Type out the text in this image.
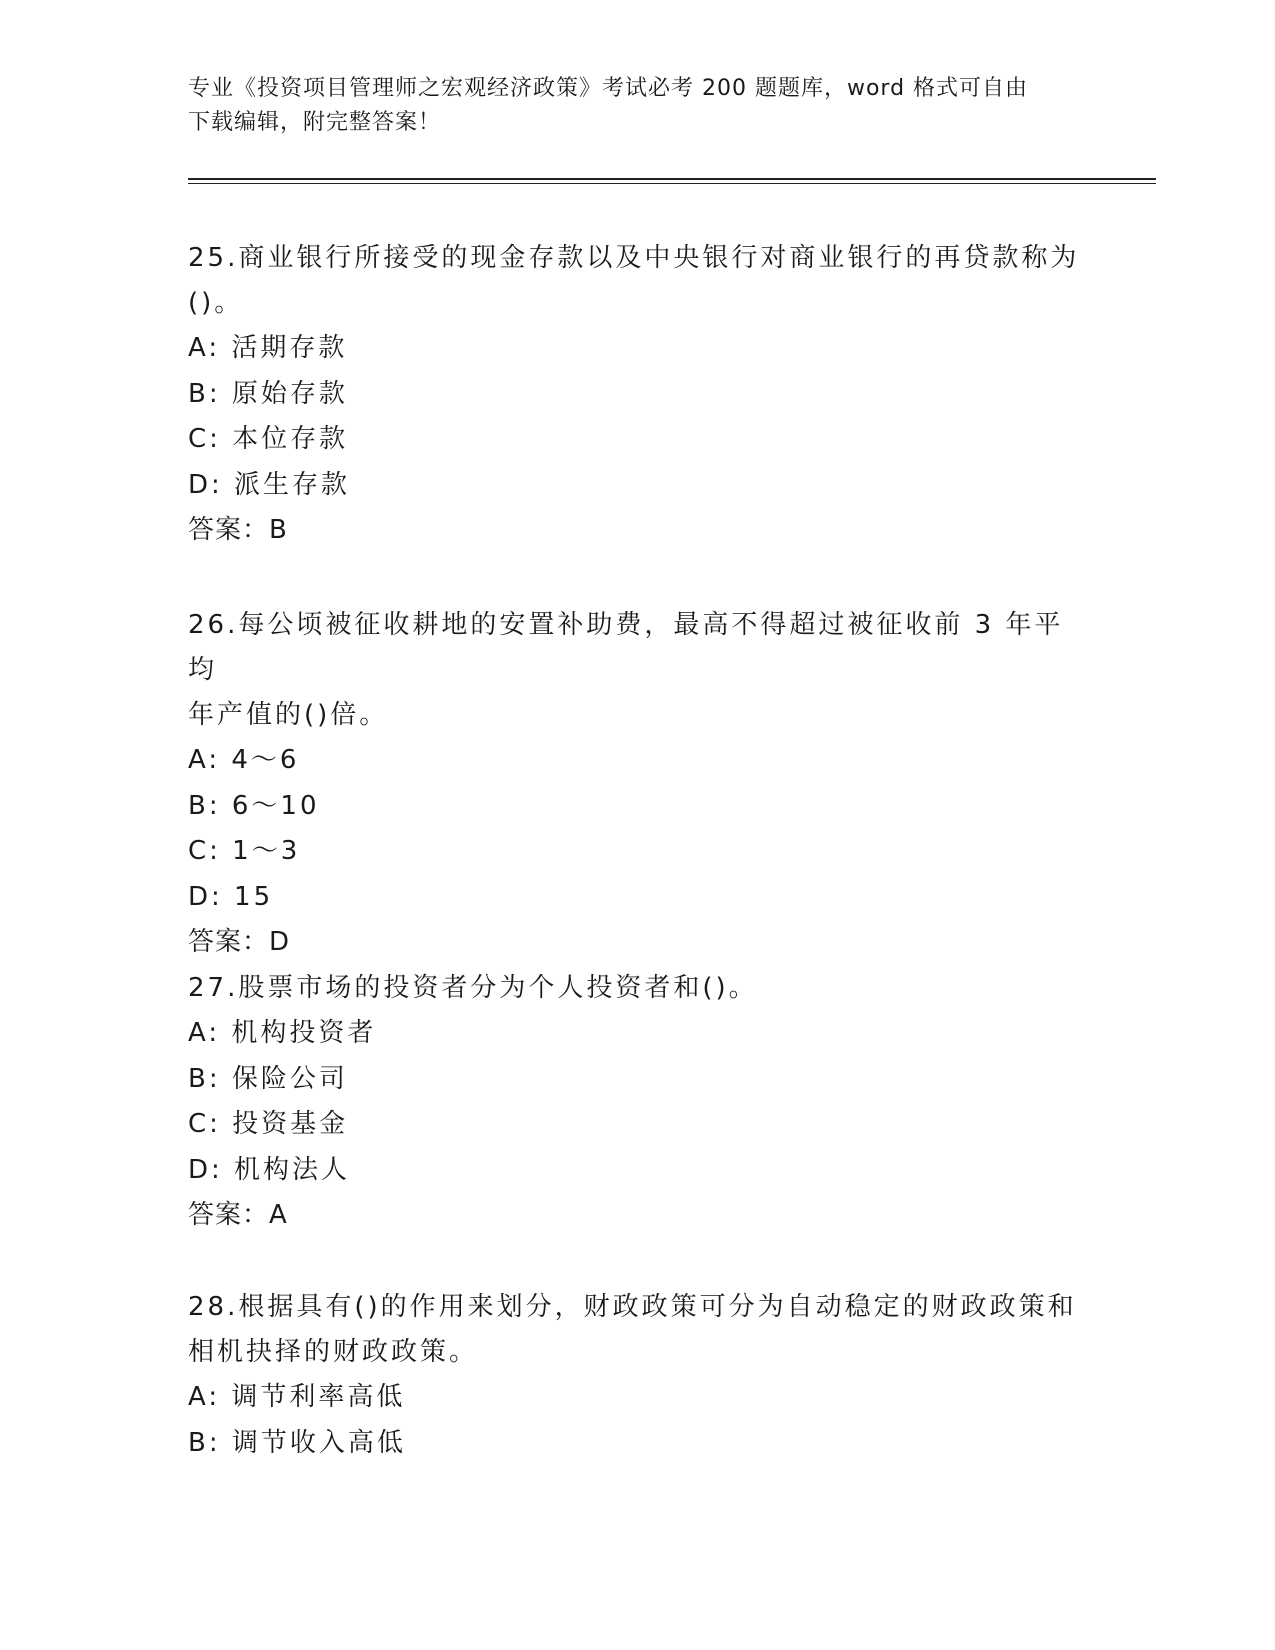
专业《投资项目管理师之宏观经济政策》考试必考 200 题题库，word 格式可自由

下载编辑，附完整答案！

25.商业银行所接受的现金存款以及中央银行对商业银行的再贷款称为

()。

A: 活期存款

B: 原始存款

C: 本位存款

D: 派生存款

答案：B

26.每公顷被征收耕地的安置补助费，最高不得超过被征收前 3 年平均

年产值的()倍。

A: 4～6

B: 6～10

C: 1～3

D: 15

答案：D

27.股票市场的投资者分为个人投资者和()。

A: 机构投资者

B: 保险公司

C: 投资基金

D: 机构法人

答案：A

28.根据具有()的作用来划分，财政政策可分为自动稳定的财政政策和

相机抉择的财政政策。

A: 调节利率高低

B: 调节收入高低
